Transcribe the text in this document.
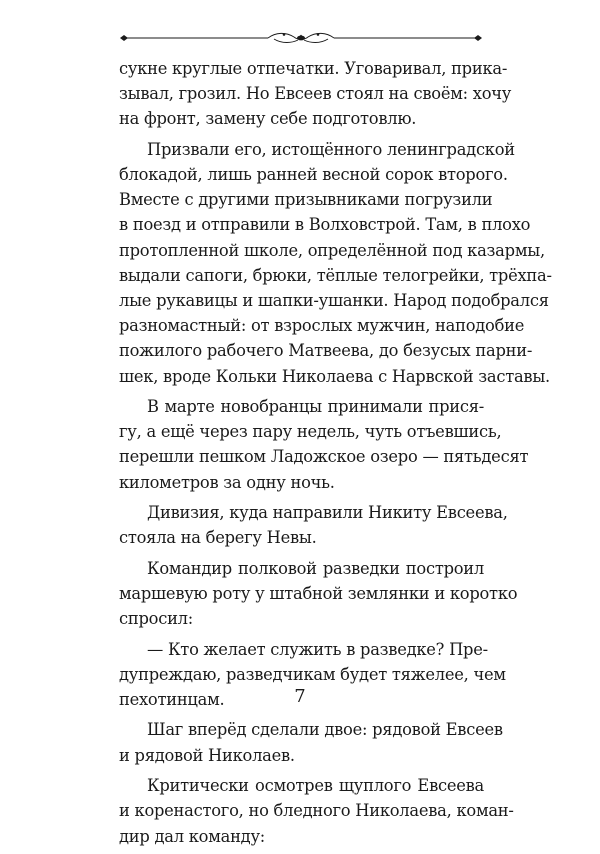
сукне круглые отпечатки. Уговаривал, прика-
зывал, грозил. Но Евсеев стоял на своём: хочу
на фронт, замену себе подготовлю.

Призвали его, истощённого ленинградской
блокадой, лишь ранней весной сорок второго.
Вместе с другими призывниками погрузили
в поезд и отправили в Волховстрой. Там, в плохо
протопленной школе, определённой под казармы,
выдали сапоги, брюки, тёплые телогрейки, трёхпа-
лые рукавицы и шапки-ушанки. Народ подобрался
разномастный: от взрослых мужчин, наподобие
пожилого рабочего Матвеева, до безусых парни-
шек, вроде Кольки Николаева с Нарвской заставы.

В марте новобранцы принимали прися-
гу, а ещё через пару недель, чуть отъевшись,
перешли пешком Ладожское озеро — пятьдесят
километров за одну ночь.

Дивизия, куда направили Никиту Евсеева,
стояла на берегу Невы.

Командир полковой разведки построил
маршевую роту у штабной землянки и коротко
спросил:

— Кто желает служить в разведке? Пре-
дупреждаю, разведчикам будет тяжелее, чем
пехотинцам.

Шаг вперёд сделали двое: рядовой Евсеев
и рядовой Николаев.

Критически осмотрев щуплого Евсеева
и коренастого, но бледного Николаева, коман-
дир дал команду:

7
